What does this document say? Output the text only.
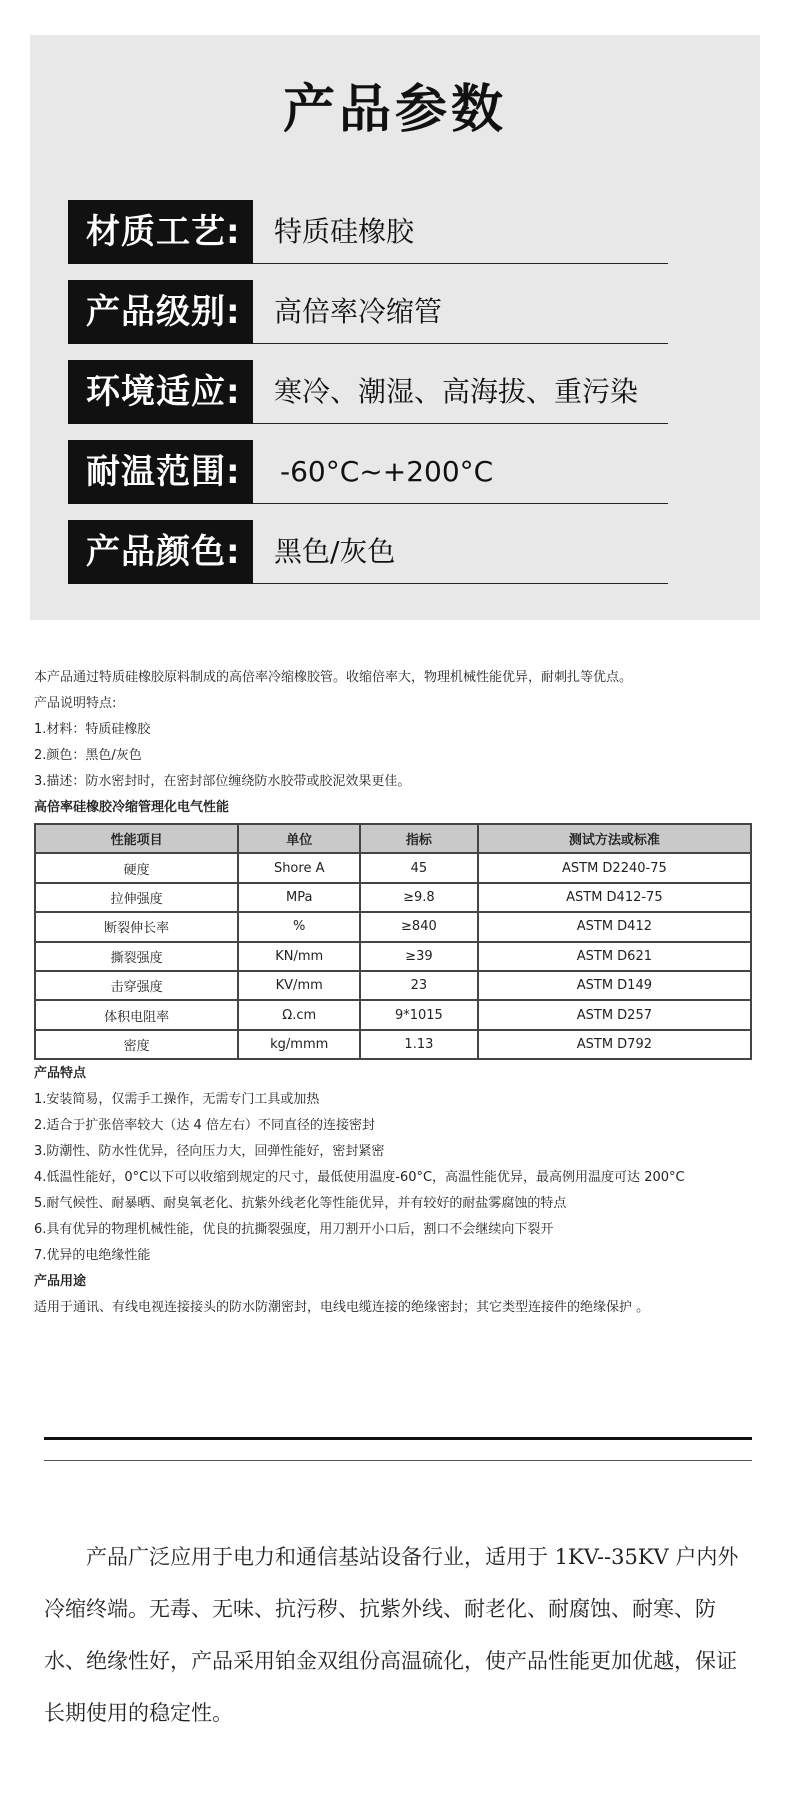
产品参数
材质工艺:	特质硅橡胶
产品级别:	高倍率冷缩管
环境适应:	寒冷、潮湿、高海拔、重污染
耐温范围:	-60°C~+200°C
产品颜色:	黑色/灰色
本产品通过特质硅橡胶原料制成的高倍率冷缩橡胶管。收缩倍率大，物理机械性能优异，耐刺扎等优点。
产品说明特点:
1.材料：特质硅橡胶
2.颜色：黑色/灰色
3.描述：防水密封时，在密封部位缠绕防水胶带或胶泥效果更佳。
高倍率硅橡胶冷缩管理化电气性能
性能项目	单位	指标	测试方法或标准
硬度	Shore A	45	ASTM D2240-75
拉伸强度	MPa	≥9.8	ASTM D412-75
断裂伸长率	%	≥840	ASTM D412
撕裂强度	KN/mm	≥39	ASTM D621
击穿强度	KV/mm	23	ASTM D149
体积电阻率	Ω.cm	9*1015	ASTM D257
密度	kg/mmm	1.13	ASTM D792
产品特点
1.安装简易，仅需手工操作，无需专门工具或加热
2.适合于扩张倍率较大（达 4 倍左右）不同直径的连接密封
3.防潮性、防水性优异，径向压力大，回弹性能好，密封紧密
4.低温性能好，0°C以下可以收缩到规定的尺寸，最低使用温度-60°C，高温性能优异，最高例用温度可达 200°C
5.耐气候性、耐暴晒、耐臭氧老化、抗紫外线老化等性能优异，并有较好的耐盐雾腐蚀的特点
6.具有优异的物理机械性能，优良的抗撕裂强度，用刀割开小口后，割口不会继续向下裂开
7.优异的电绝缘性能
产品用途
适用于通讯、有线电视连接接头的防水防潮密封，电线电缆连接的绝缘密封；其它类型连接件的绝缘保护 。
产品广泛应用于电力和通信基站设备行业，适用于 1KV--35KV 户内外冷缩终端。无毒、无味、抗污秽、抗紫外线、耐老化、耐腐蚀、耐寒、防水、绝缘性好，产品采用铂金双组份高温硫化，使产品性能更加优越，保证长期使用的稳定性。
